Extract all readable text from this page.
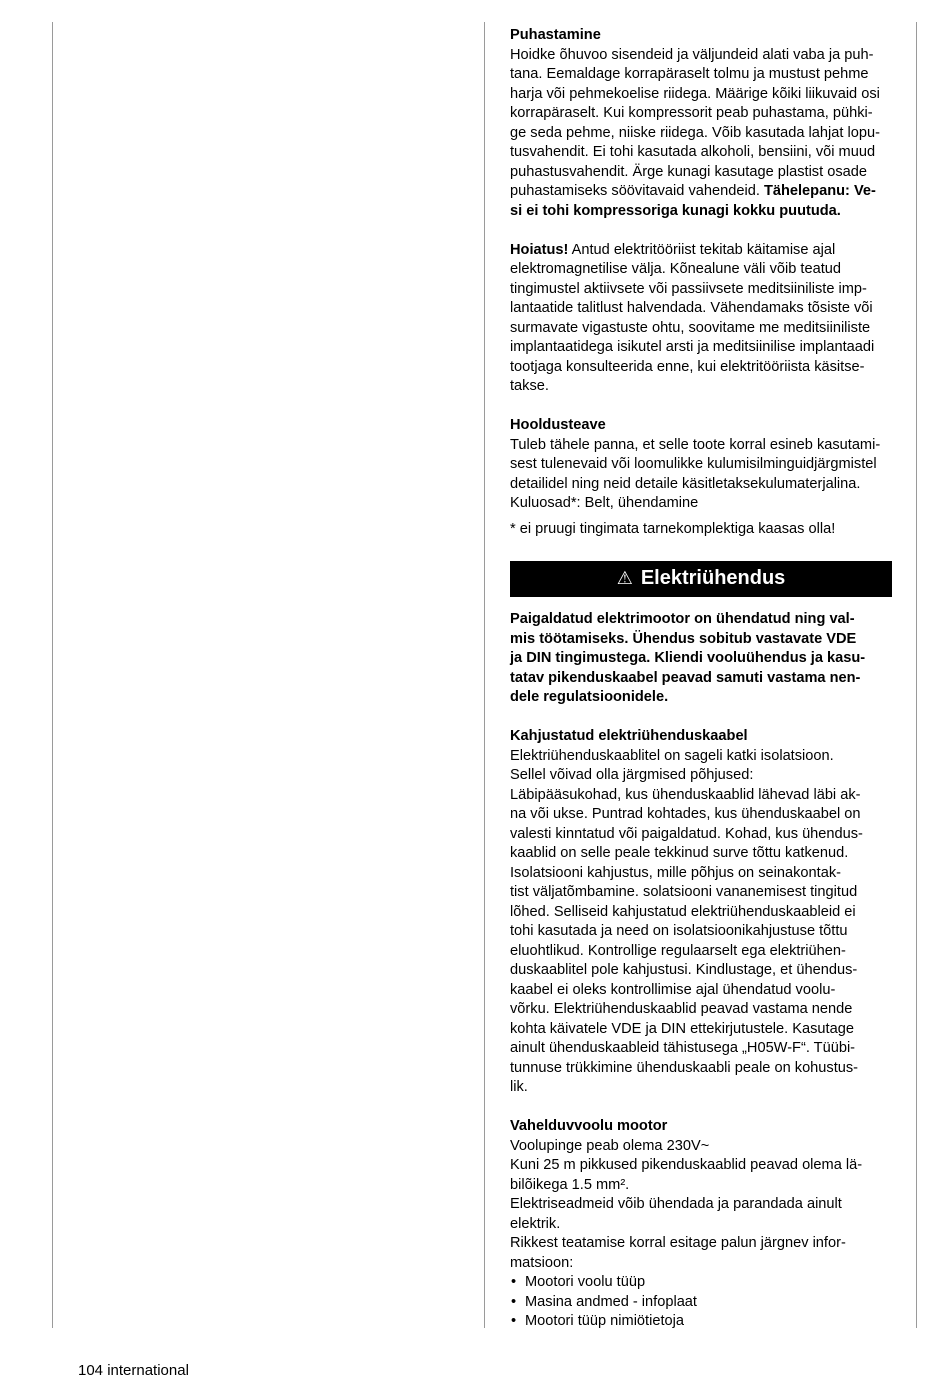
Puhastamine

Hoidke õhuvoo sisendeid ja väljundeid alati vaba ja puh-

tana. Eemaldage korrapäraselt tolmu ja mustust pehme

harja või pehmekoelise riidega. Määrige kõiki liikuvaid osi

korrapäraselt. Kui kompressorit peab puhastama, pühki-

ge seda pehme, niiske riidega. Võib kasutada lahjat lopu-

tusvahendit. Ei tohi kasutada alkoholi, bensiini, või muud

puhastusvahendit. Ärge kunagi kasutage plastist osade

puhastamiseks söövitavaid vahendeid. Tähelepanu: Ve-

si ei tohi kompressoriga kunagi kokku puutuda.

Hoiatus! Antud elektritööriist tekitab käitamise ajal

elektromagnetilise välja. Kõnealune väli võib teatud

tingimustel aktiivsete või passiivsete meditsiiniliste imp-

lantaatide talitlust halvendada. Vähendamaks tõsiste või

surmavate vigastuste ohtu, soovitame me meditsiiniliste

implantaatidega isikutel arsti ja meditsiinilise implantaadi

tootjaga konsulteerida enne, kui elektritööriista käsitse-

takse.

Hooldusteave

Tuleb tähele panna, et selle toote korral esineb kasutami-

sest tulenevaid või loomulikke kulumisilminguidjärgmistel

detailidel ning neid detaile käsitletaksekulumaterjalina.

Kuluosad*: Belt, ühendamine

* ei pruugi tingimata tarnekomplektiga kaasas olla!

⚠ Elektriühendus

Paigaldatud elektrimootor on ühendatud ning val-

mis töötamiseks. Ühendus sobitub vastavate VDE

ja DIN tingimustega. Kliendi vooluühendus ja kasu-

tatav pikenduskaabel peavad samuti vastama nen-

dele regulatsioonidele.

Kahjustatud elektriühenduskaabel

Elektriühenduskaablitel on sageli katki isolatsioon.

Sellel võivad olla järgmised põhjused:

Läbipääsukohad, kus ühenduskaablid lähevad läbi ak-

na või ukse. Puntrad kohtades, kus ühenduskaabel on

valesti kinntatud või paigaldatud. Kohad, kus ühendus-

kaablid on selle peale tekkinud surve tõttu katkenud.

Isolatsiooni kahjustus, mille põhjus on seinakontak-

tist väljatõmbamine. solatsiooni vananemisest tingitud

lõhed. Selliseid kahjustatud elektriühenduskaableid ei

tohi kasutada ja need on isolatsioonikahjustuse tõttu

eluohtlikud. Kontrollige regulaarselt ega elektriühen-

duskaablitel pole kahjustusi. Kindlustage, et ühendus-

kaabel ei oleks kontrollimise ajal ühendatud voolu-

võrku. Elektriühenduskaablid peavad vastama nende

kohta käivatele VDE ja DIN ettekirjutustele. Kasutage

ainult ühenduskaableid tähistusega „H05W-F“. Tüübi-

tunnuse trükkimine ühenduskaabli peale on kohustus-

lik.

Vahelduvvoolu mootor

Voolupinge peab olema 230V~

Kuni 25 m pikkused pikenduskaablid peavad olema lä-

bilõikega 1.5 mm².

Elektriseadmeid võib ühendada ja parandada ainult

elektrik.

Rikkest teatamise korral esitage palun järgnev infor-

matsioon:

• Mootori voolu tüüp
• Masina andmed - infoplaat
• Mootori tüüp nimiötietoja
104 international
